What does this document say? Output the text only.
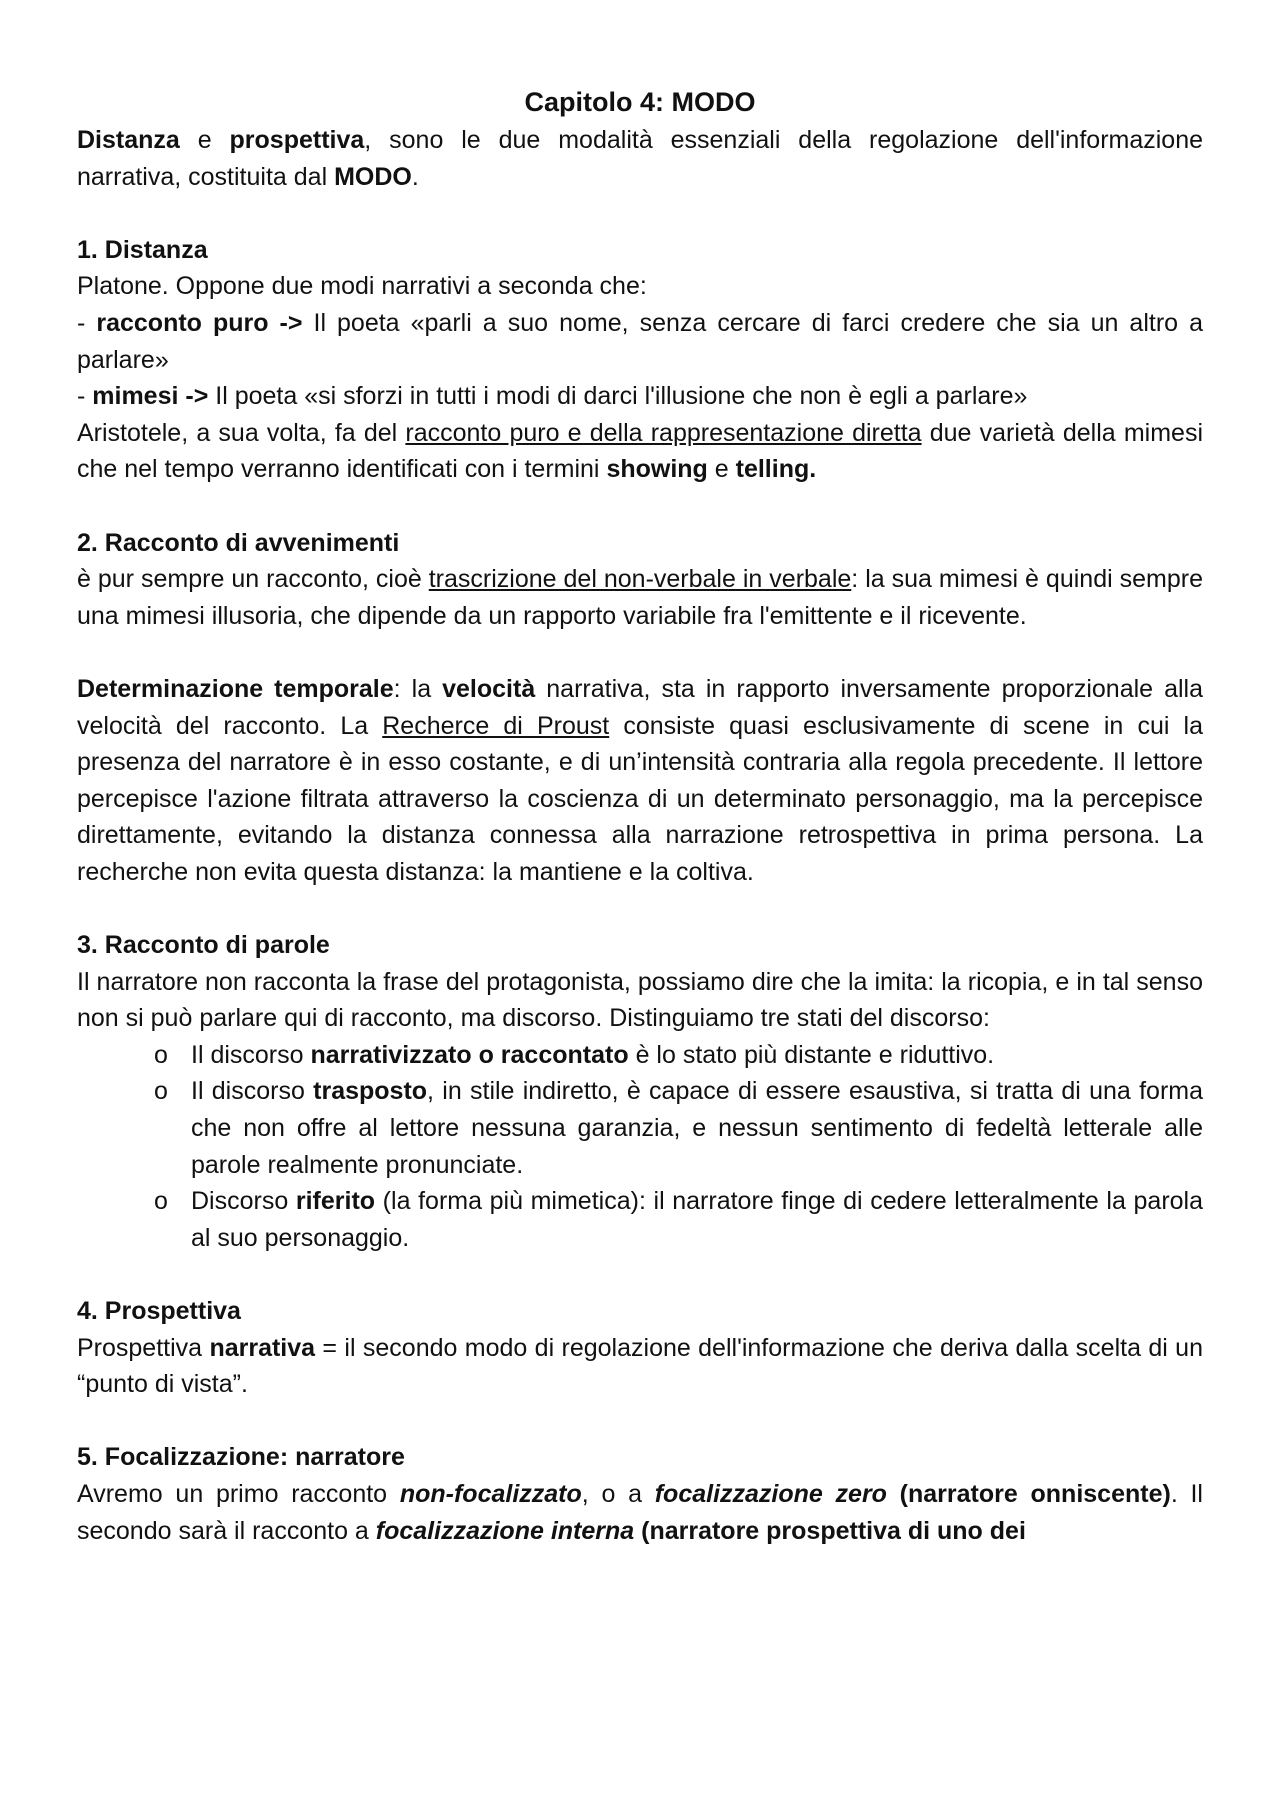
Capitolo 4: MODO

Distanza e prospettiva, sono le due modalità essenziali della regolazione dell'informazione narrativa, costituita dal MODO.

1. Distanza

Platone. Oppone due modi narrativi a seconda che:

- racconto puro -> Il poeta «parli a suo nome, senza cercare di farci credere che sia un altro a parlare»

- mimesi -> Il poeta «si sforzi in tutti i modi di darci l'illusione che non è egli a parlare»

Aristotele, a sua volta, fa del racconto puro e della rappresentazione diretta due varietà della mimesi che nel tempo verranno identificati con i termini showing e telling.

2. Racconto di avvenimenti

è pur sempre un racconto, cioè trascrizione del non-verbale in verbale: la sua mimesi è quindi sempre una mimesi illusoria, che dipende da un rapporto variabile fra l'emittente e il ricevente.

Determinazione temporale: la velocità narrativa, sta in rapporto inversamente proporzionale alla velocità del racconto. La Recherce di Proust consiste quasi esclusivamente di scene in cui la presenza del narratore è in esso costante, e di un’intensità contraria alla regola precedente. Il lettore percepisce l'azione filtrata attraverso la coscienza di un determinato personaggio, ma la percepisce direttamente, evitando la distanza connessa alla narrazione retrospettiva in prima persona. La recherche non evita questa distanza: la mantiene e la coltiva.

3. Racconto di parole

Il narratore non racconta la frase del protagonista, possiamo dire che la imita: la ricopia, e in tal senso non si può parlare qui di racconto, ma discorso. Distinguiamo tre stati del discorso:

o Il discorso narrativizzato o raccontato è lo stato più distante e riduttivo.
o Il discorso trasposto, in stile indiretto, è capace di essere esaustiva, si tratta di una forma che non offre al lettore nessuna garanzia, e nessun sentimento di fedeltà letterale alle parole realmente pronunciate.
o Discorso riferito (la forma più mimetica): il narratore finge di cedere letteralmente la parola al suo personaggio.
4. Prospettiva

Prospettiva narrativa = il secondo modo di regolazione dell'informazione che deriva dalla scelta di un “punto di vista”.

5. Focalizzazione: narratore

Avremo un primo racconto non-focalizzato, o a focalizzazione zero (narratore onniscente). Il secondo sarà il racconto a focalizzazione interna (narratore prospettiva di uno dei
